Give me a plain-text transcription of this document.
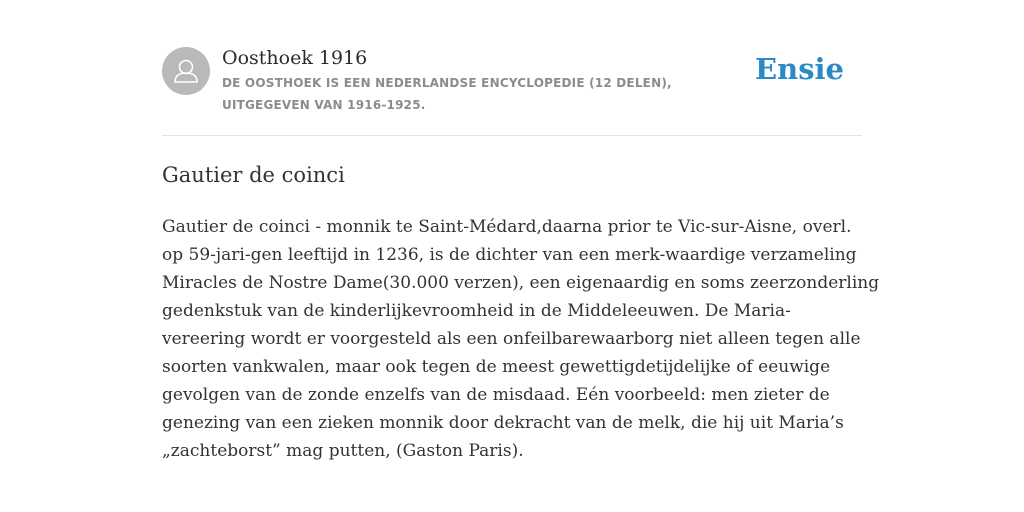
Oosthoek 1916
DE OOSTHOEK IS EEN NEDERLANDSE ENCYCLOPEDIE (12 DELEN), UITGEGEVEN VAN 1916-1925.
Ensie
Gautier de coinci
Gautier de coinci - monnik te Saint-Médard,daarna prior te Vic-sur-Aisne, overl.
op 59-jari-gen leeftijd in 1236, is de dichter van een merk-waardige verzameling
Miracles de Nostre Dame(30.000 verzen), een eigenaardig en soms zeerzonderling
gedenkstuk van de kinderlijkevroomheid in de Middeleeuwen. De Maria-
vereering wordt er voorgesteld als een onfeilbarewaarborg niet alleen tegen alle
soorten vankwalen, maar ook tegen de meest gewettigdetijdelijke of eeuwige
gevolgen van de zonde enzelfs van de misdaad. Eén voorbeeld: men zieter de
genezing van een zieken monnik door dekracht van de melk, die hij uit Maria’s
„zachteborst” mag putten, (Gaston Paris).
